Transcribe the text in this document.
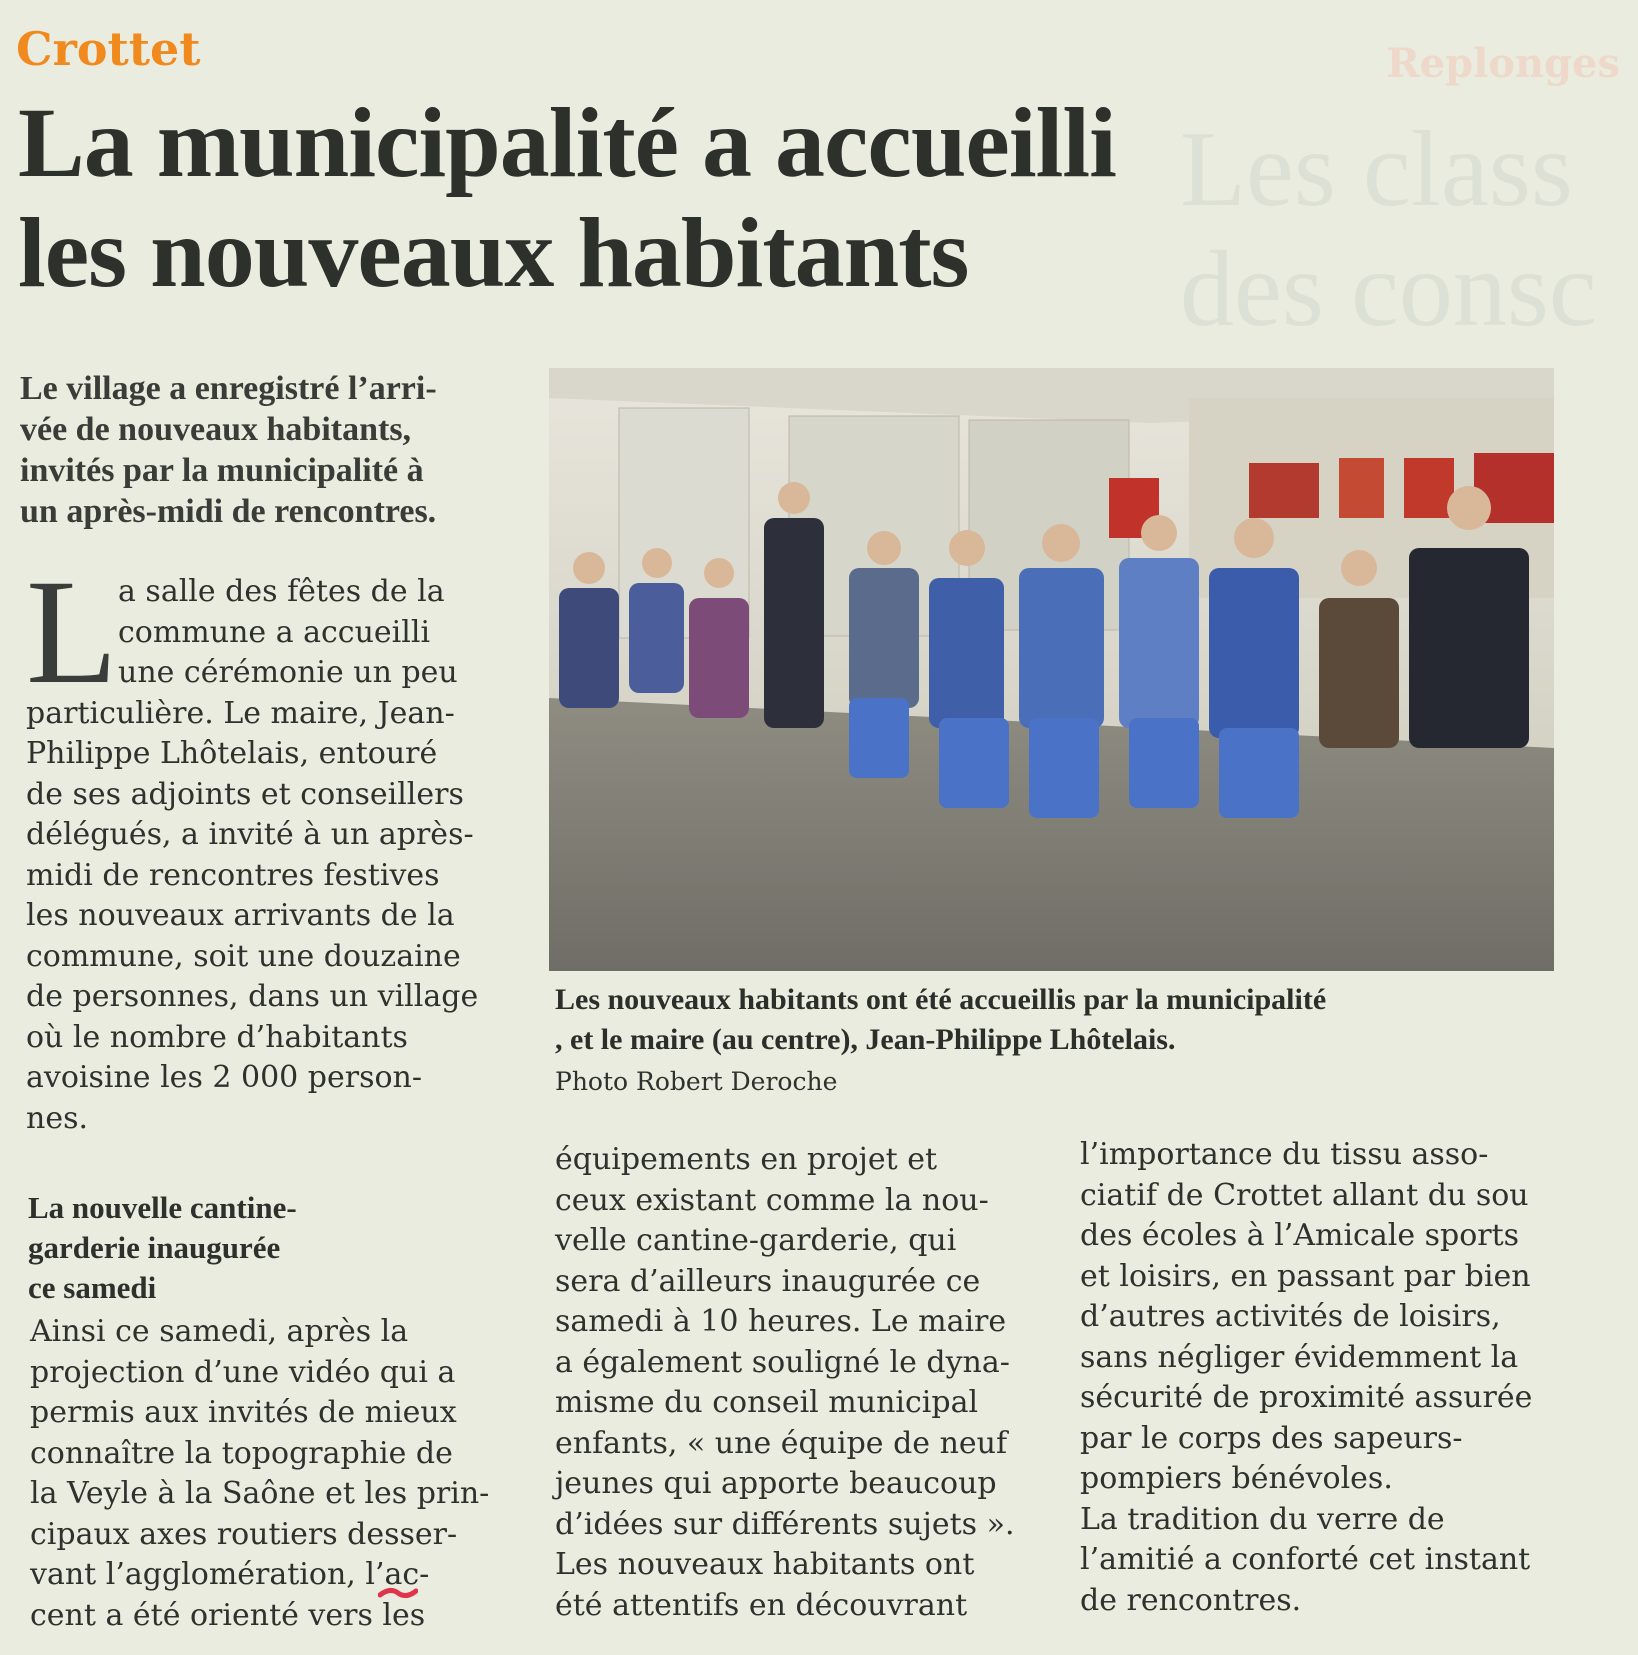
Crottet	Replonges
Les class
des consc
La municipalité a accueilli
les nouveaux habitants
Le village a enregistré l’arri-
vée de nouveaux habitants,
invités par la municipalité à
un après-midi de rencontres.
L a salle des fêtes de la
commune a accueilli
une cérémonie un peu
particulière. Le maire, Jean-
Philippe Lhôtelais, entouré
de ses adjoints et conseillers
délégués, a invité à un après-
midi de rencontres festives
les nouveaux arrivants de la
commune, soit une douzaine
de personnes, dans un village
où le nombre d’habitants
avoisine les 2 000 person-
nes.
La nouvelle cantine-
garderie inaugurée
ce samedi
Ainsi ce samedi, après la
projection d’une vidéo qui a
permis aux invités de mieux
connaître la topographie de
la Veyle à la Saône et les prin-
cipaux axes routiers desser-
vant l’agglomération, l’ac-
cent a été orienté vers les
Les nouveaux habitants ont été accueillis par la municipalité
, et le maire (au centre), Jean-Philippe Lhôtelais.
Photo Robert Deroche
équipements en projet et
ceux existant comme la nou-
velle cantine-garderie, qui
sera d’ailleurs inaugurée ce
samedi à 10 heures. Le maire
a également souligné le dyna-
misme du conseil municipal
enfants, « une équipe de neuf
jeunes qui apporte beaucoup
d’idées sur différents sujets ».
Les nouveaux habitants ont
été attentifs en découvrant
l’importance du tissu asso-
ciatif de Crottet allant du sou
des écoles à l’Amicale sports
et loisirs, en passant par bien
d’autres activités de loisirs,
sans négliger évidemment la
sécurité de proximité assurée
par le corps des sapeurs-
pompiers bénévoles.
La tradition du verre de
l’amitié a conforté cet instant
de rencontres.
